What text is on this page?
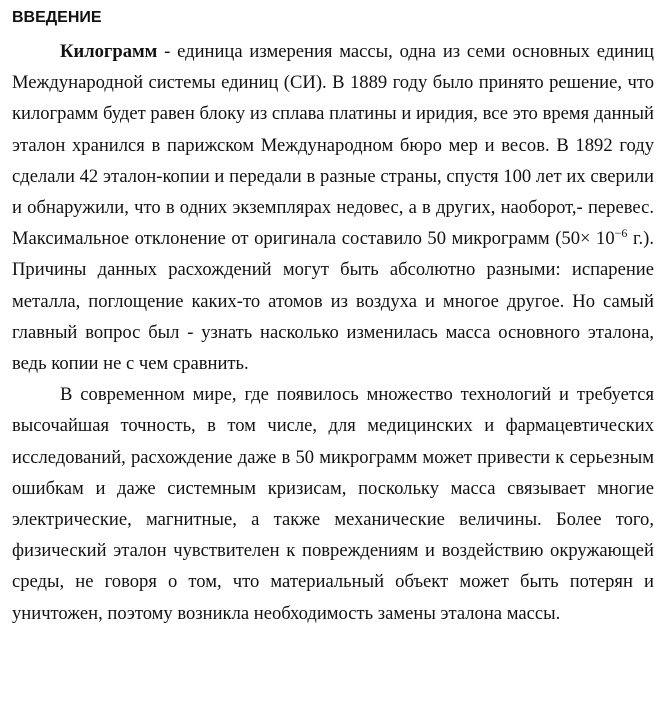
ВВЕДЕНИЕ

Килограмм - единица измерения массы, одна из семи основных единиц Международной системы единиц (СИ). В 1889 году было принято решение, что килограмм будет равен блоку из сплава платины и иридия, все это время данный эталон хранился в парижском Международном бюро мер и весов. В 1892 году сделали 42 эталон-копии и передали в разные страны, спустя 100 лет их сверили и обнаружили, что в одних экземплярах недовес, а в других, наоборот,- перевес. Максимальное отклонение от оригинала составило 50 микрограмм ($50\times 10^{-6}$ г.). Причины данных расхождений могут быть абсолютно разными: испарение металла, поглощение каких-то атомов из воздуха и многое другое. Но самый главный вопрос был - узнать насколько изменилась масса основного эталона, ведь копии не с чем сравнить.

В современном мире, где появилось множество технологий и требуется высочайшая точность, в том числе, для медицинских и фармацевтических исследований, расхождение даже в 50 микрограмм может привести к серьезным ошибкам и даже системным кризисам, поскольку масса связывает многие электрические, магнитные, а также механические величины. Более того, физический эталон чувствителен к повреждениям и воздействию окружающей среды, не говоря о том, что материальный объект может быть потерян и уничтожен, поэтому возникла необходимость замены эталона массы.
